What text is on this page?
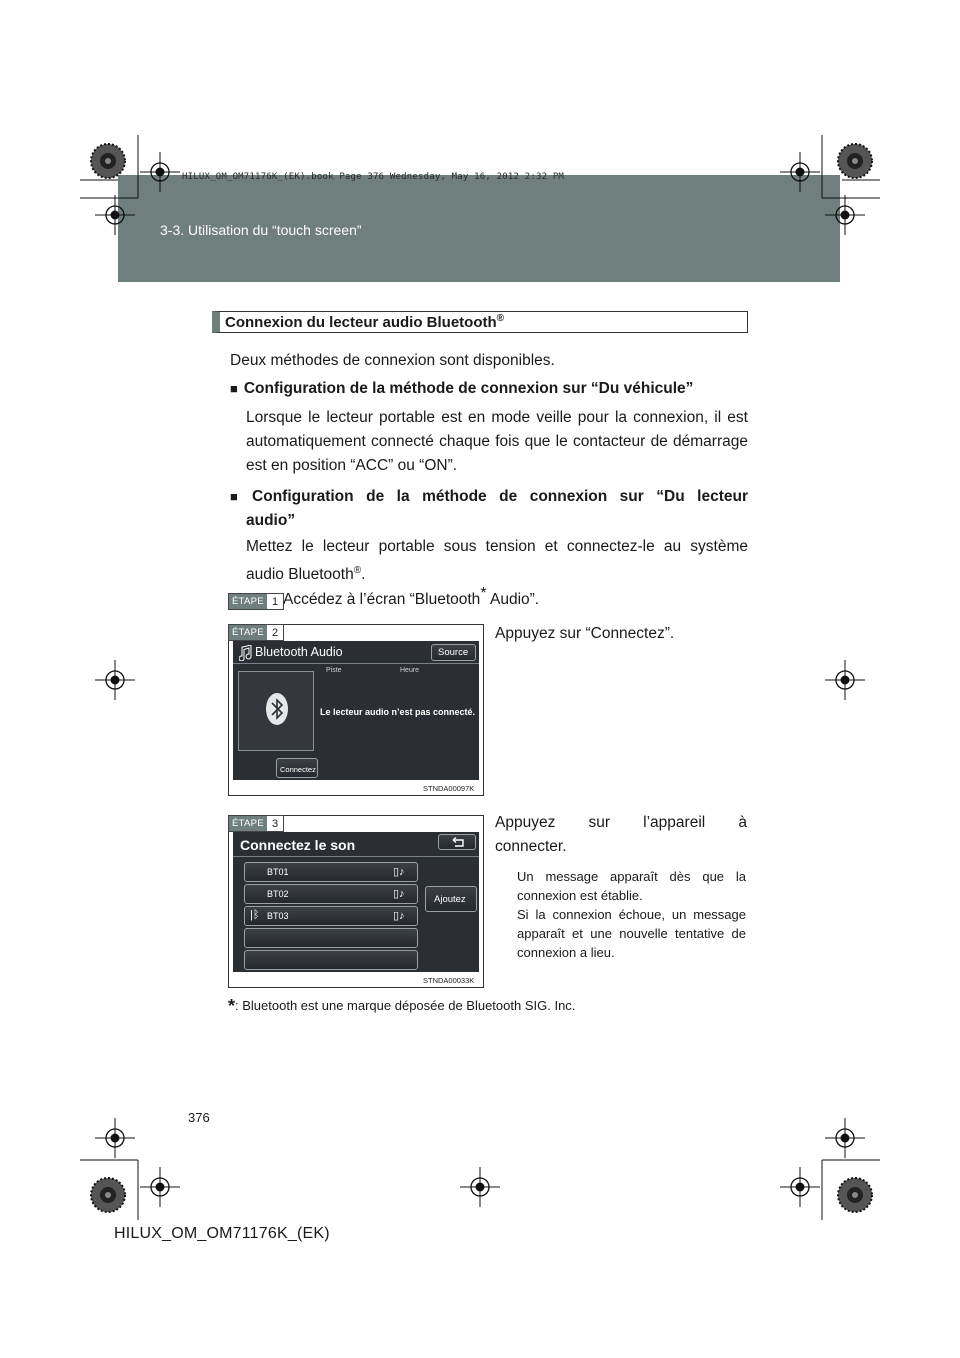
3-3. Utilisation du “touch screen”
HILUX_OM_OM71176K_(EK).book Page 376 Wednesday, May 16, 2012 2:32 PM
Connexion du lecteur audio Bluetooth®
Deux méthodes de connexion sont disponibles.
■ Configuration de la méthode de connexion sur “Du véhicule”
Lorsque le lecteur portable est en mode veille pour la connexion, il est automatiquement connecté chaque fois que le contacteur de démarrage est en position “ACC” ou “ON”.
■ Configuration de la méthode de connexion sur “Du lecteur
audio”
Mettez le lecteur portable sous tension et connectez-le au système
audio Bluetooth®.
ÉTAPE 1 Accédez à l’écran “Bluetooth* Audio”.
ÉTAPE 2
Bluetooth Audio	Source
Piste	Heure
Le lecteur audio n’est pas connecté.
Connectez
STNDA00097K
Appuyez sur “Connectez”.
ÉTAPE 3
Connectez le son
BT01	▯♪
BT02	▯♪
|ᛒ BT03	▯♪
Ajoutez
STNDA00033K
Appuyez sur l’appareil à
connecter.
Un message apparaît dès que la connexion est établie.
Si la connexion échoue, un message apparaît et une nouvelle tentative de connexion a lieu.
*: Bluetooth est une marque déposée de Bluetooth SIG. Inc.
376
HILUX_OM_OM71176K_(EK)
